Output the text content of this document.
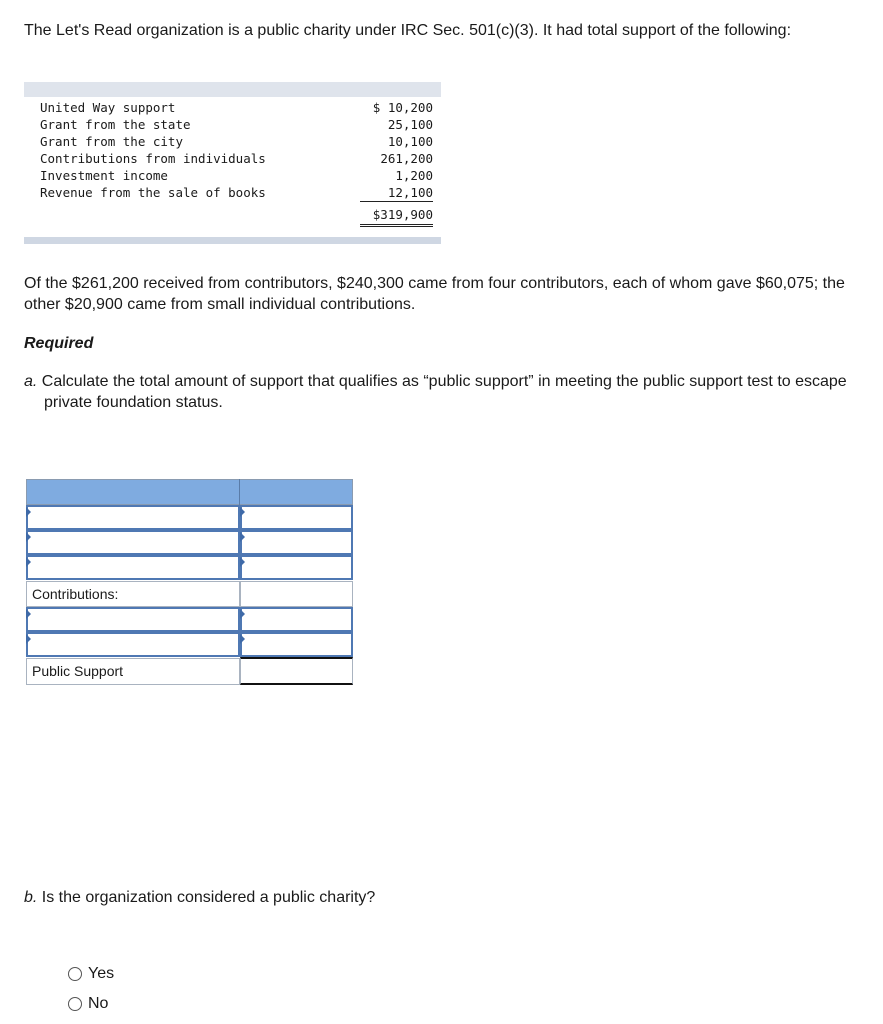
The Let's Read organization is a public charity under IRC Sec. 501(c)(3). It had total support of the following:

United Way support	$ 10,200
Grant from the state	25,100
Grant from the city	10,100
Contributions from individuals	261,200
Investment income	1,200
Revenue from the sale of books	12,100
$319,900

Of the $261,200 received from contributors, $240,300 came from four contributors, each of whom gave $60,075; the other $20,900 came from small individual contributions.

Required

a. Calculate the total amount of support that qualifies as “public support” in meeting the public support test to escape private foundation status.

Contributions:
Public Support

b. Is the organization considered a public charity?

Yes
No
